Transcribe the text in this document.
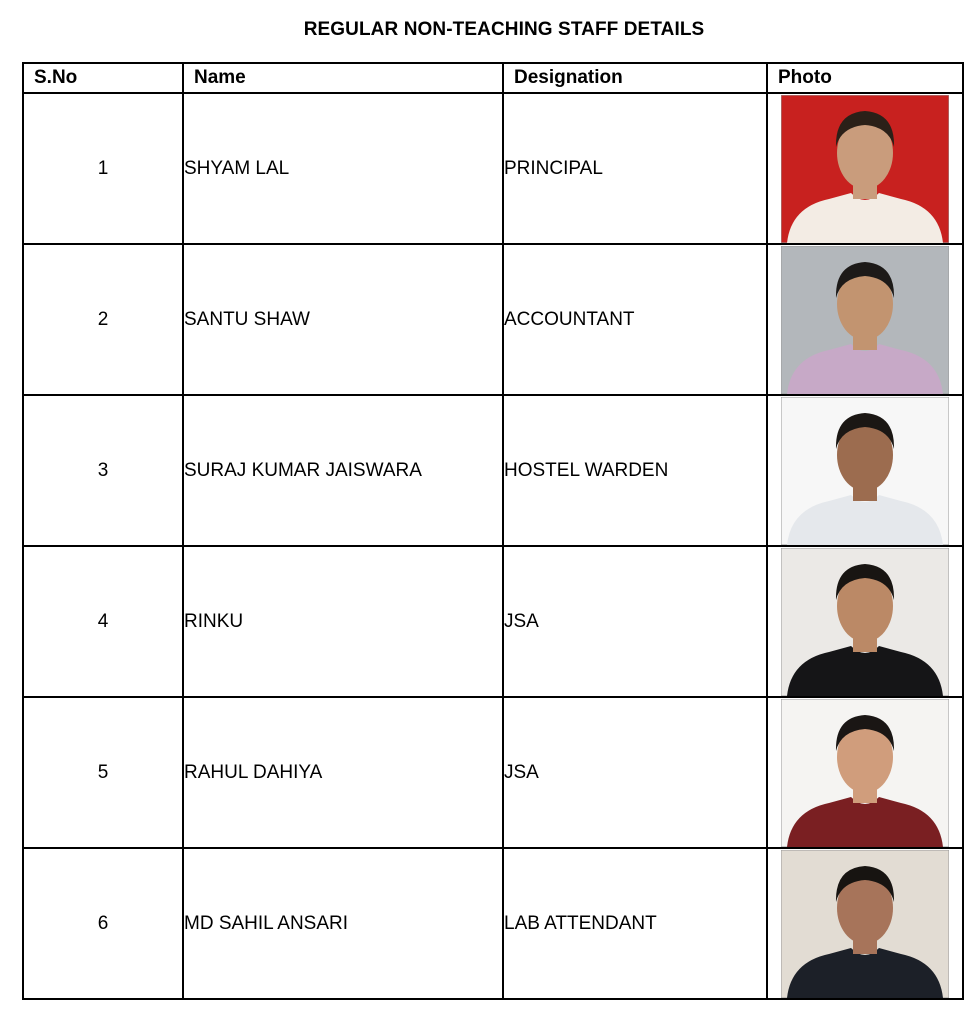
REGULAR NON-TEACHING STAFF DETAILS
S.No	Name	Designation	Photo
1	SHYAM LAL	PRINCIPAL	

2	SANTU SHAW	ACCOUNTANT	

3	SURAJ KUMAR JAISWARA	HOSTEL WARDEN	

4	RINKU	JSA	

5	RAHUL DAHIYA	JSA	

6	MD SAHIL ANSARI	LAB ATTENDANT	
